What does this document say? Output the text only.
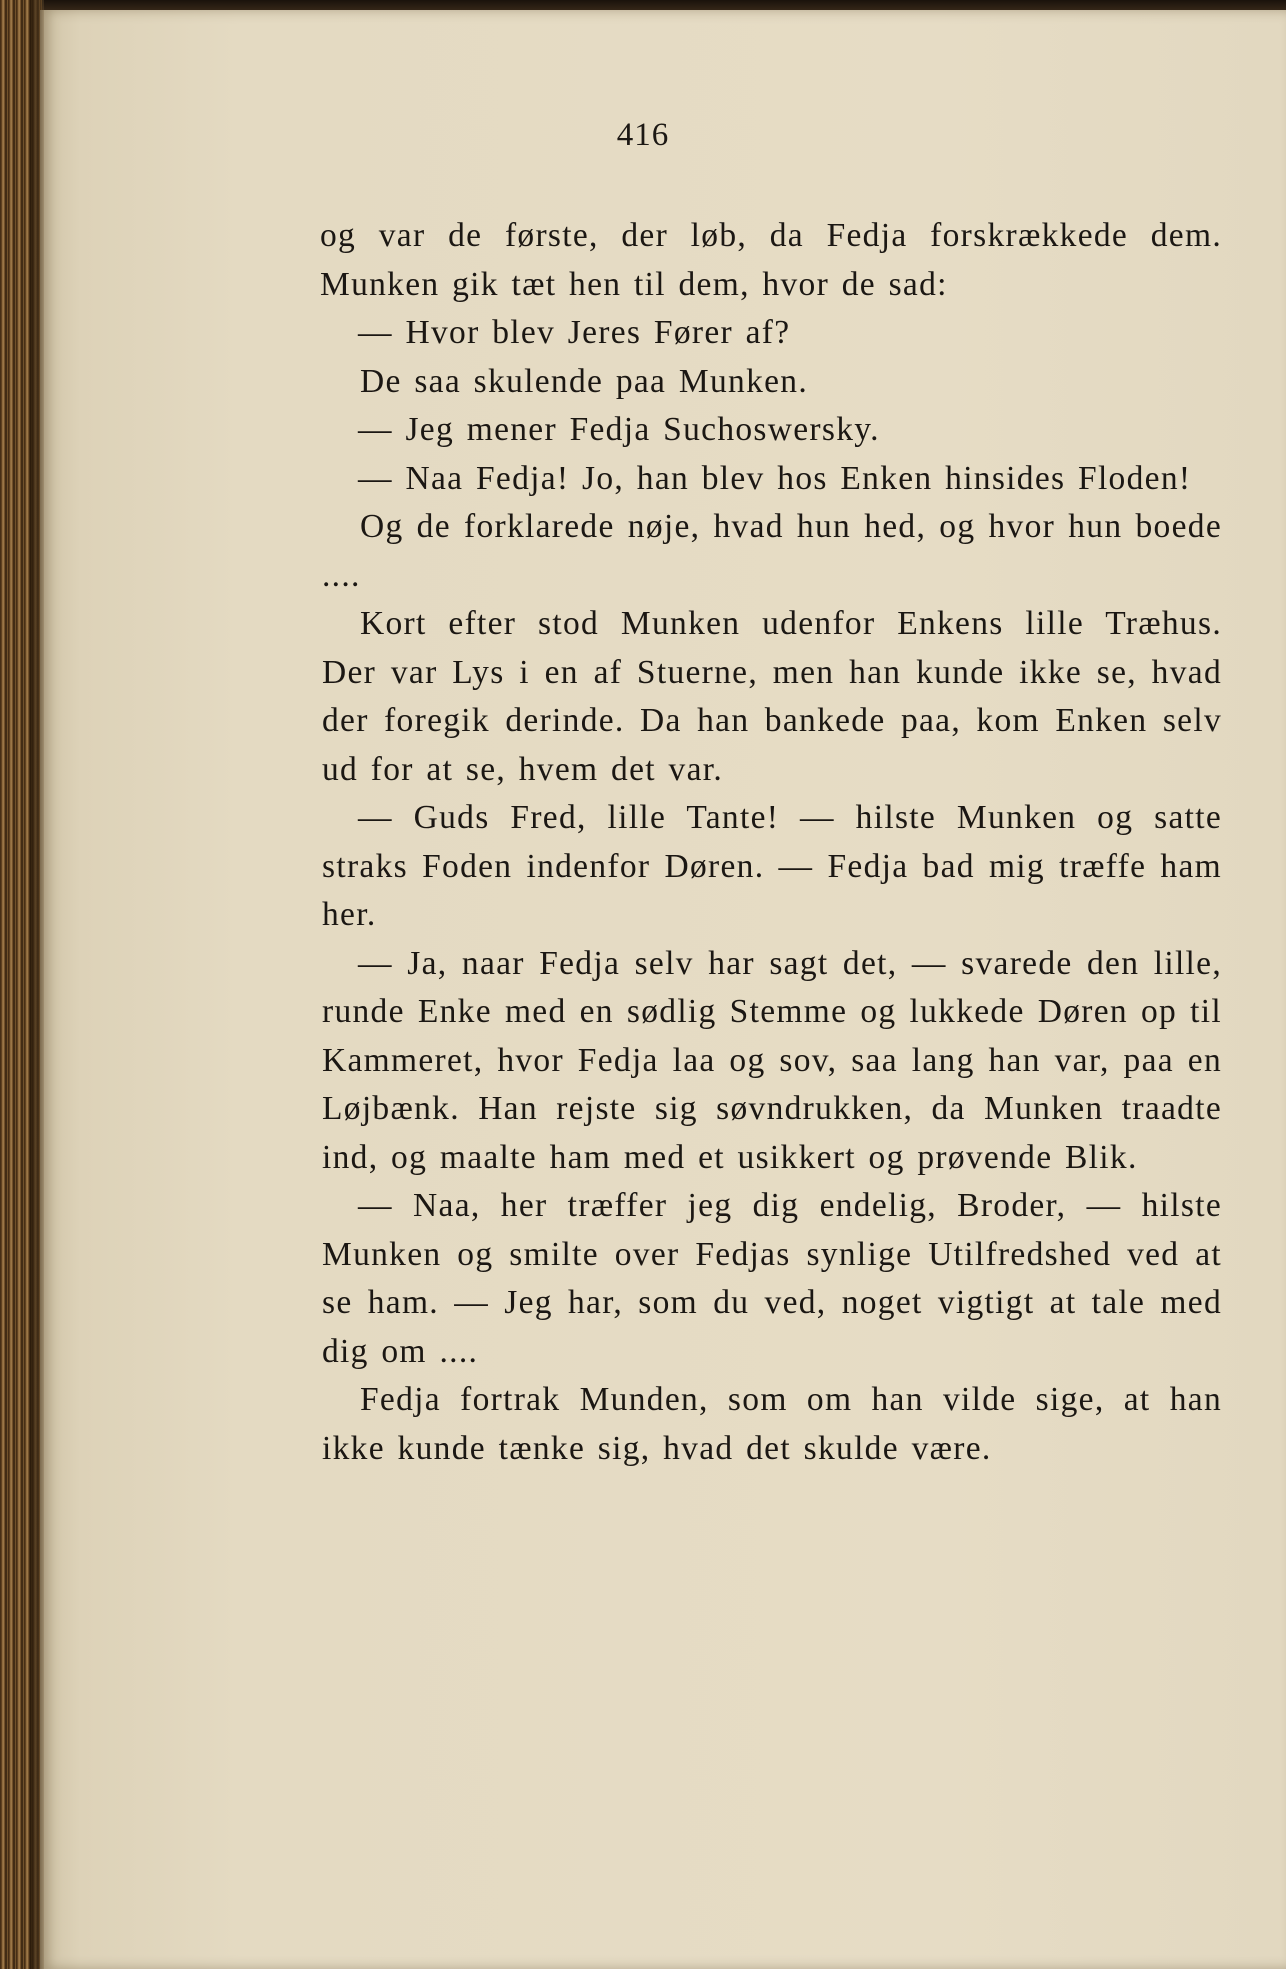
416

og var de første, der løb, da Fedja forskrækkede dem. Munken gik tæt hen til dem, hvor de sad:

— Hvor blev Jeres Fører af?

De saa skulende paa Munken.

— Jeg mener Fedja Suchoswersky.

— Naa Fedja! Jo, han blev hos Enken hinsides Floden!

Og de forklarede nøje, hvad hun hed, og hvor hun boede ....

Kort efter stod Munken udenfor Enkens lille Træhus. Der var Lys i en af Stuerne, men han kunde ikke se, hvad der foregik derinde. Da han bankede paa, kom Enken selv ud for at se, hvem det var.

— Guds Fred, lille Tante! — hilste Munken og satte straks Foden indenfor Døren. — Fedja bad mig træffe ham her.

— Ja, naar Fedja selv har sagt det, — svarede den lille, runde Enke med en sødlig Stemme og lukkede Døren op til Kammeret, hvor Fedja laa og sov, saa lang han var, paa en Løjbænk. Han rejste sig søvndrukken, da Munken traadte ind, og maalte ham med et usikkert og prøvende Blik.

— Naa, her træffer jeg dig endelig, Broder, — hilste Munken og smilte over Fedjas synlige Utilfredshed ved at se ham. — Jeg har, som du ved, noget vigtigt at tale med dig om ....

Fedja fortrak Munden, som om han vilde sige, at han ikke kunde tænke sig, hvad det skulde være.
